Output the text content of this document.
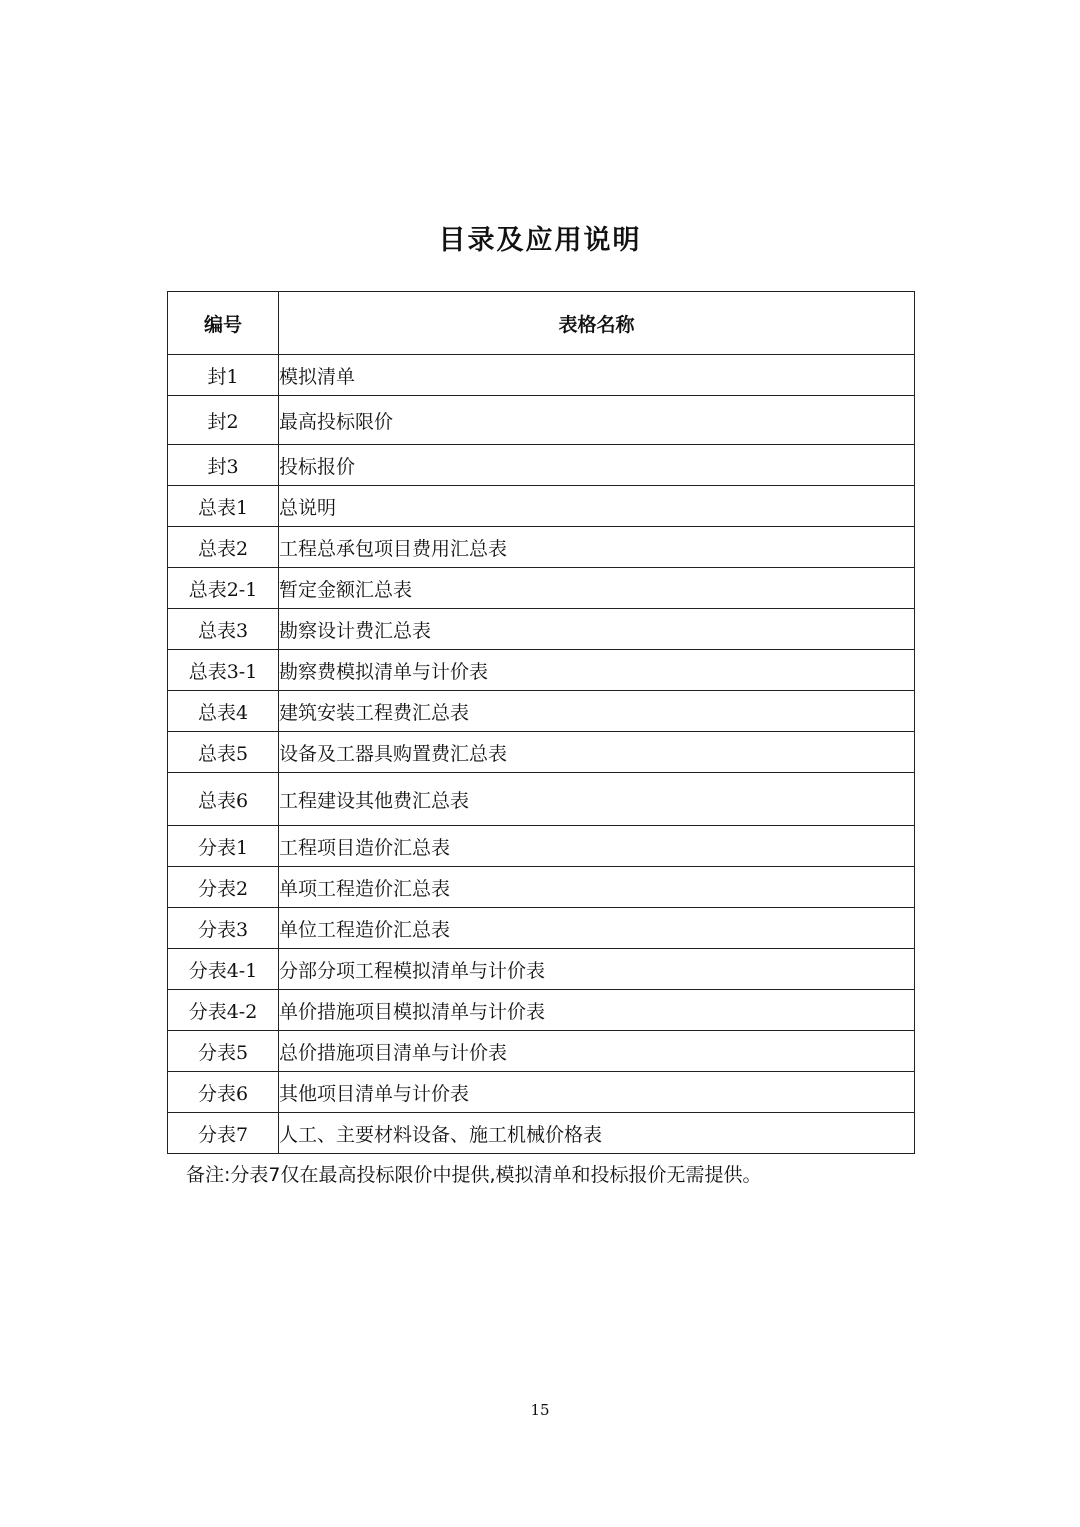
目录及应用说明
编号	表格名称
封1	模拟清单
封2	最高投标限价
封3	投标报价
总表1	总说明
总表2	工程总承包项目费用汇总表
总表2-1	暂定金额汇总表
总表3	勘察设计费汇总表
总表3-1	勘察费模拟清单与计价表
总表4	建筑安装工程费汇总表
总表5	设备及工器具购置费汇总表
总表6	工程建设其他费汇总表
分表1	工程项目造价汇总表
分表2	单项工程造价汇总表
分表3	单位工程造价汇总表
分表4-1	分部分项工程模拟清单与计价表
分表4-2	单价措施项目模拟清单与计价表
分表5	总价措施项目清单与计价表
分表6	其他项目清单与计价表
分表7	人工、主要材料设备、施工机械价格表
备注:分表7仅在最高投标限价中提供,模拟清单和投标报价无需提供。
15
